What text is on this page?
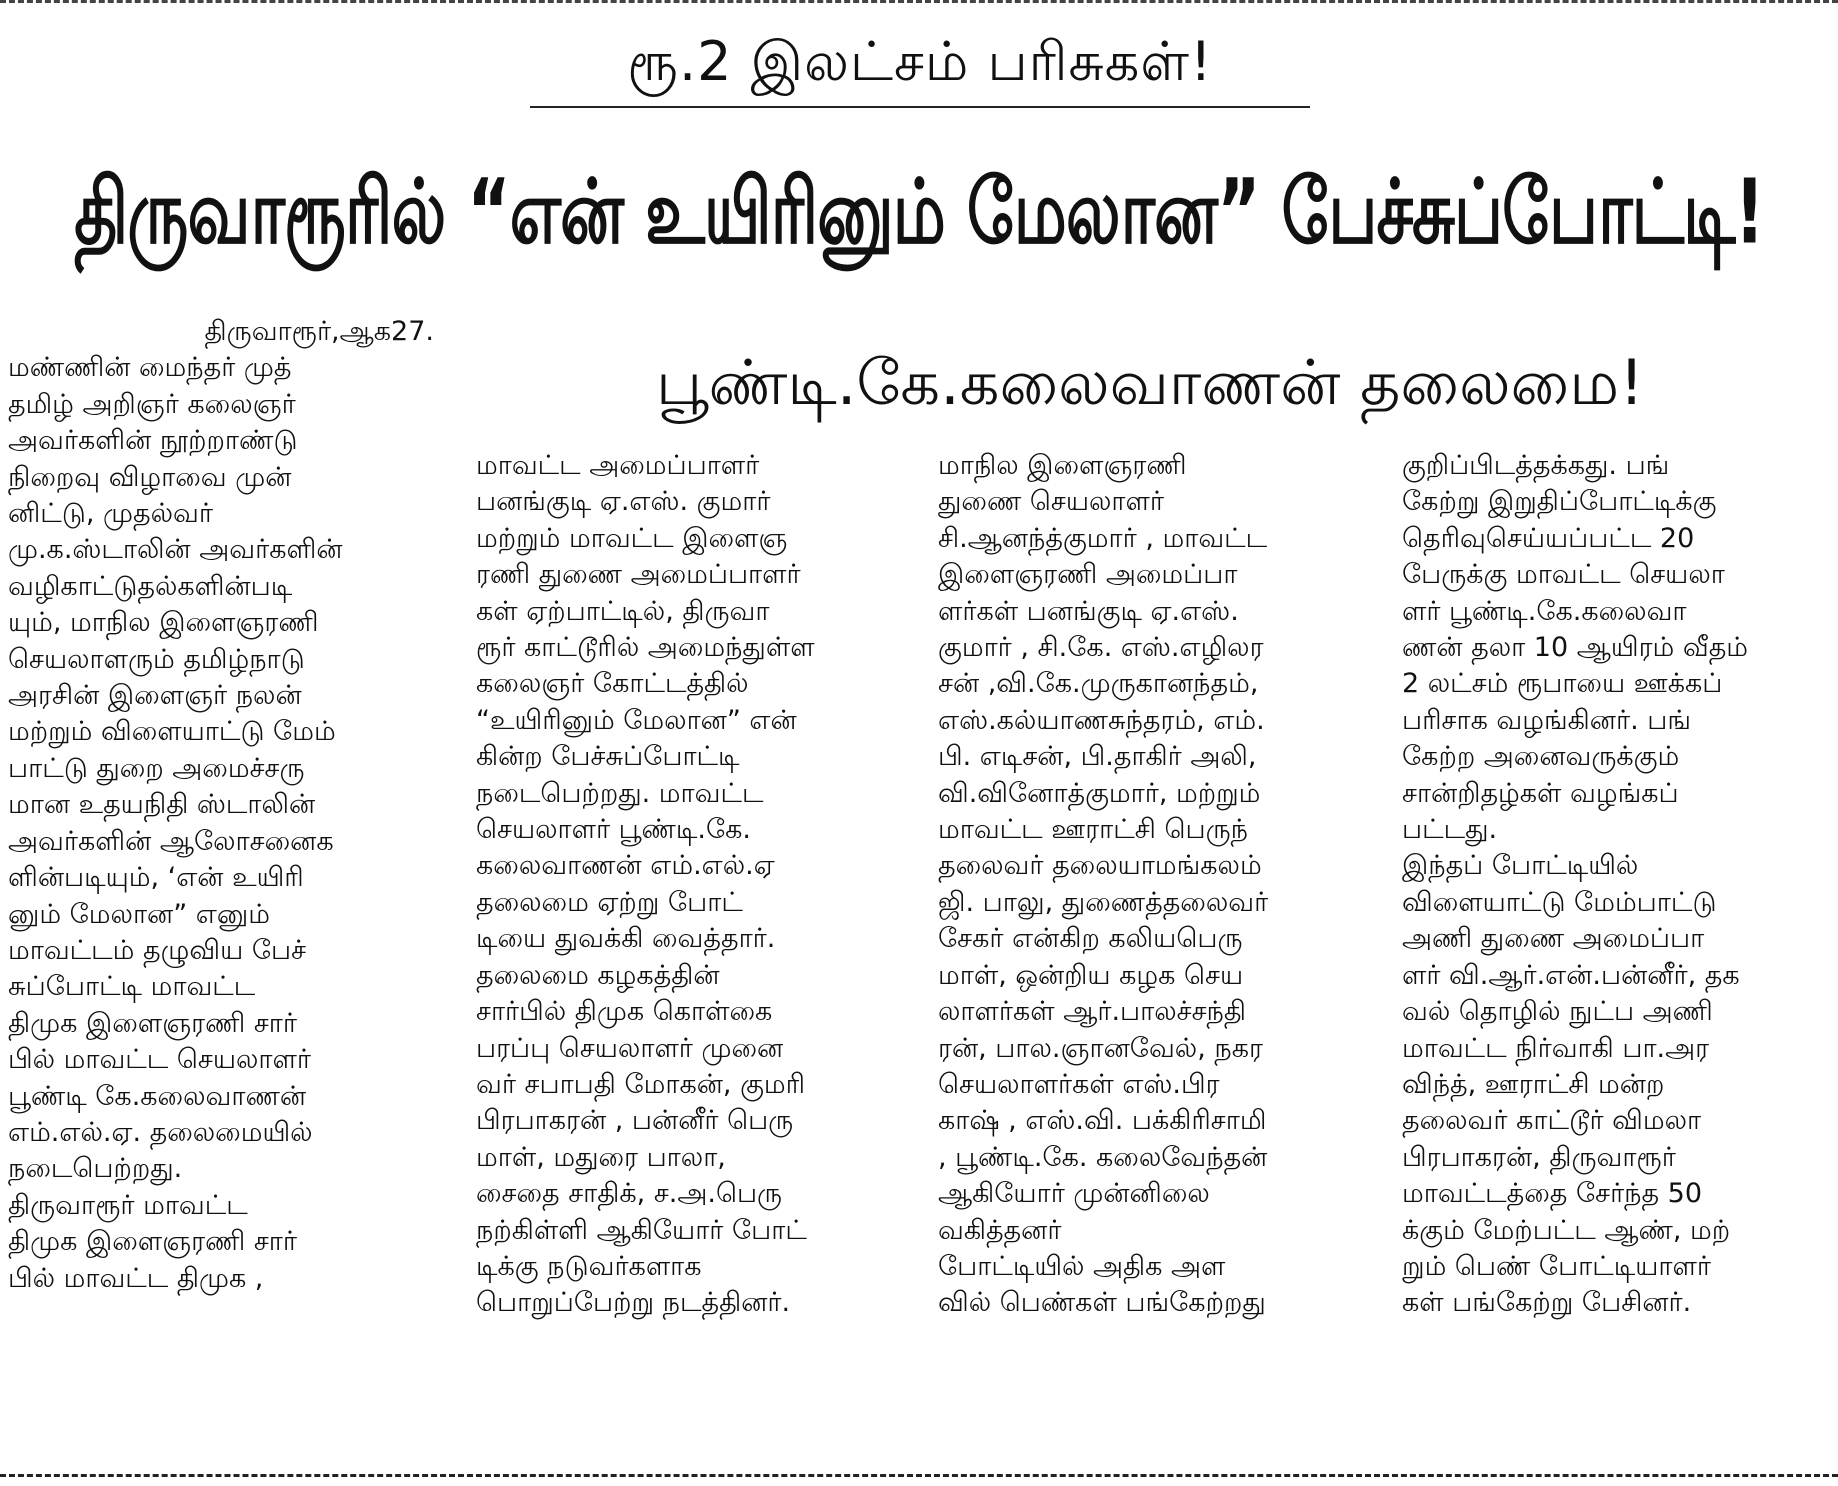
ரூ.2 இலட்சம் பரிசுகள்!
திருவாரூரில் “என் உயிரினும் மேலான” பேச்சுப்போட்டி!
பூண்டி.கே.கலைவாணன் தலைமை!
திருவாரூர்,ஆக27.

மண்ணின் மைந்தர் முத்
தமிழ் அறிஞர் கலைஞர்
அவர்களின் நூற்றாண்டு
நிறைவு விழாவை முன்
னிட்டு, முதல்வர்
மு.க.ஸ்டாலின் அவர்களின்
வழிகாட்டுதல்களின்படி
யும், மாநில இளைஞரணி
செயலாளரும் தமிழ்நாடு
அரசின் இளைஞர் நலன்
மற்றும் விளையாட்டு மேம்
பாட்டு துறை அமைச்சரு
மான உதயநிதி ஸ்டாலின்
அவர்களின் ஆலோசனைக
ளின்படியும், ‘என் உயிரி
னும் மேலான” எனும்
மாவட்டம் தழுவிய பேச்
சுப்போட்டி மாவட்ட
திமுக இளைஞரணி சார்
பில் மாவட்ட செயலாளர்
பூண்டி கே.கலைவாணன்
எம்.எல்.ஏ. தலைமையில்
நடைபெற்றது.
திருவாரூர் மாவட்ட
திமுக இளைஞரணி சார்
பில் மாவட்ட திமுக ,

மாவட்ட அமைப்பாளர்
பனங்குடி ஏ.எஸ். குமார்
மற்றும் மாவட்ட இளைஞ
ரணி துணை அமைப்பாளர்
கள் ஏற்பாட்டில், திருவா
ரூர் காட்டூரில் அமைந்துள்ள
கலைஞர் கோட்டத்தில்
“உயிரினும் மேலான” என்
கின்ற பேச்சுப்போட்டி
நடைபெற்றது. மாவட்ட
செயலாளர் பூண்டி.கே.
கலைவாணன் எம்.எல்.ஏ
தலைமை ஏற்று போட்
டியை துவக்கி வைத்தார்.
தலைமை கழகத்தின்
சார்பில் திமுக கொள்கை
பரப்பு செயலாளர் முனை
வர் சபாபதி மோகன், குமரி
பிரபாகரன் , பன்னீர் பெரு
மாள், மதுரை பாலா,
சைதை சாதிக், ச.அ.பெரு
நற்கிள்ளி ஆகியோர் போட்
டிக்கு நடுவர்களாக
பொறுப்பேற்று நடத்தினர்.

மாநில இளைஞரணி
துணை செயலாளர்
சி.ஆனந்த்குமார் , மாவட்ட
இளைஞரணி அமைப்பா
ளர்கள் பனங்குடி ஏ.எஸ்.
குமார் , சி.கே. எஸ்.எழிலர
சன் ,வி.கே.முருகானந்தம்,
எஸ்.கல்யாணசுந்தரம், எம்.
பி. எடிசன், பி.தாகிர் அலி,
வி.வினோத்குமார், மற்றும்
மாவட்ட ஊராட்சி பெருந்
தலைவர் தலையாமங்கலம்
ஜி. பாலு, துணைத்தலைவர்
சேகர் என்கிற கலியபெரு
மாள், ஒன்றிய கழக செய
லாளர்கள் ஆர்.பாலச்சந்தி
ரன், பால.ஞானவேல், நகர
செயலாளர்கள் எஸ்.பிர
காஷ் , எஸ்.வி. பக்கிரிசாமி
, பூண்டி.கே. கலைவேந்தன்
ஆகியோர் முன்னிலை
வகித்தனர்
போட்டியில் அதிக அள
வில் பெண்கள் பங்கேற்றது

குறிப்பிடத்தக்கது. பங்
கேற்று இறுதிப்போட்டிக்கு
தெரிவுசெய்யப்பட்ட 20
பேருக்கு மாவட்ட செயலா
ளர் பூண்டி.கே.கலைவா
ணன் தலா 10 ஆயிரம் வீதம்
2 லட்சம் ரூபாயை ஊக்கப்
பரிசாக வழங்கினர். பங்
கேற்ற அனைவருக்கும்
சான்றிதழ்கள் வழங்கப்
பட்டது.
இந்தப் போட்டியில்
விளையாட்டு மேம்பாட்டு
அணி துணை அமைப்பா
ளர் வி.ஆர்.என்.பன்னீர், தக
வல் தொழில் நுட்ப அணி
மாவட்ட நிர்வாகி பா.அர
விந்த், ஊராட்சி மன்ற
தலைவர் காட்டூர் விமலா
பிரபாகரன், திருவாரூர்
மாவட்டத்தை சேர்ந்த 50
க்கும் மேற்பட்ட ஆண், மற்
றும் பெண் போட்டியாளர்
கள் பங்கேற்று பேசினர்.
